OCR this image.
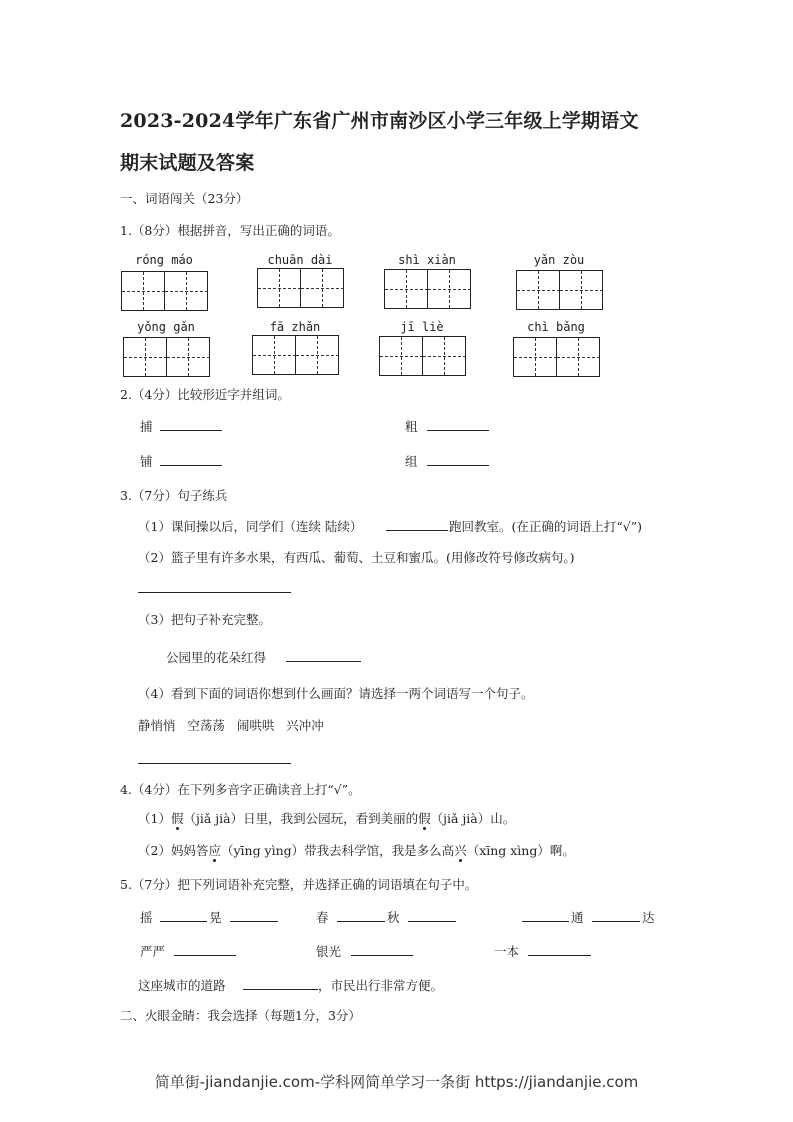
2023-2024学年广东省广州市南沙区小学三年级上学期语文
期末试题及答案
一、词语闯关（23分）
1.（8分）根据拼音，写出正确的词语。
róng máo	chuān dài	shì xiàn	yǎn zòu
yǒng gǎn	fā zhǎn	jī liè	chì bǎng
2.（4分）比较形近字并组词。
捕	粗
铺	组
3.（7分）句子练兵
（1）课间操以后，同学们（连续 陆续）	跑回教室。(在正确的词语上打“√”)
（2）篮子里有许多水果，有西瓜、葡萄、土豆和蜜瓜。(用修改符号修改病句。)
（3）把句子补充完整。
公园里的花朵红得
（4）看到下面的词语你想到什么画面？请选择一两个词语写一个句子。
静悄悄   空荡荡   闹哄哄   兴冲冲
4.（4分）在下列多音字正确读音上打“√”。
（1）假（jiǎ jià）日里，我到公园玩，看到美丽的假（jiǎ jià）山。
（2）妈妈答应（yīng yìng）带我去科学馆，我是多么高兴（xīng xìng）啊。
5.（7分）把下列词语补充完整，并选择正确的词语填在句子中。
摇	晃	春	秋	通	达
严严	银光	一本
这座城市的道路	，市民出行非常方便。
二、火眼金睛：我会选择（每题1分，3分）
简单街-jiandanjie.com-学科网简单学习一条街 https://jiandanjie.com
